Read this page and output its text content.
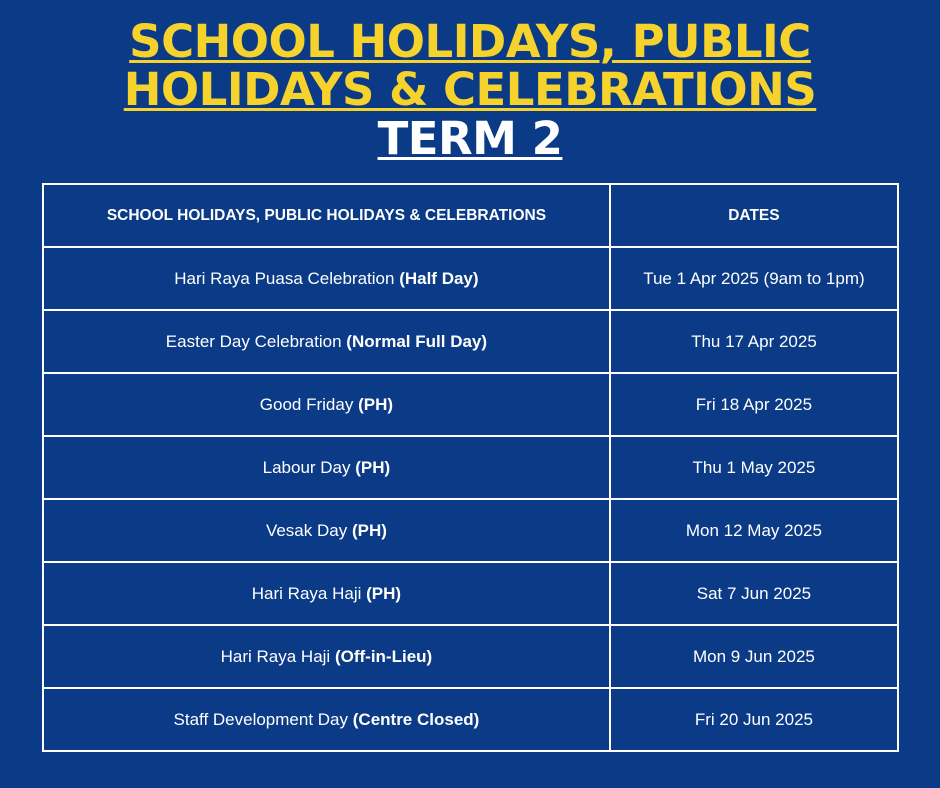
SCHOOL HOLIDAYS, PUBLIC
HOLIDAYS & CELEBRATIONS
TERM 2
SCHOOL HOLIDAYS, PUBLIC HOLIDAYS & CELEBRATIONS	DATES
Hari Raya Puasa Celebration (Half Day)	Tue 1 Apr 2025 (9am to 1pm)
Easter Day Celebration (Normal Full Day)	Thu 17 Apr 2025
Good Friday (PH)	Fri 18 Apr 2025
Labour Day (PH)	Thu 1 May 2025
Vesak Day (PH)	Mon 12 May 2025
Hari Raya Haji (PH)	Sat 7 Jun 2025
Hari Raya Haji (Off-in-Lieu)	Mon 9 Jun 2025
Staff Development Day (Centre Closed)	Fri 20 Jun 2025
